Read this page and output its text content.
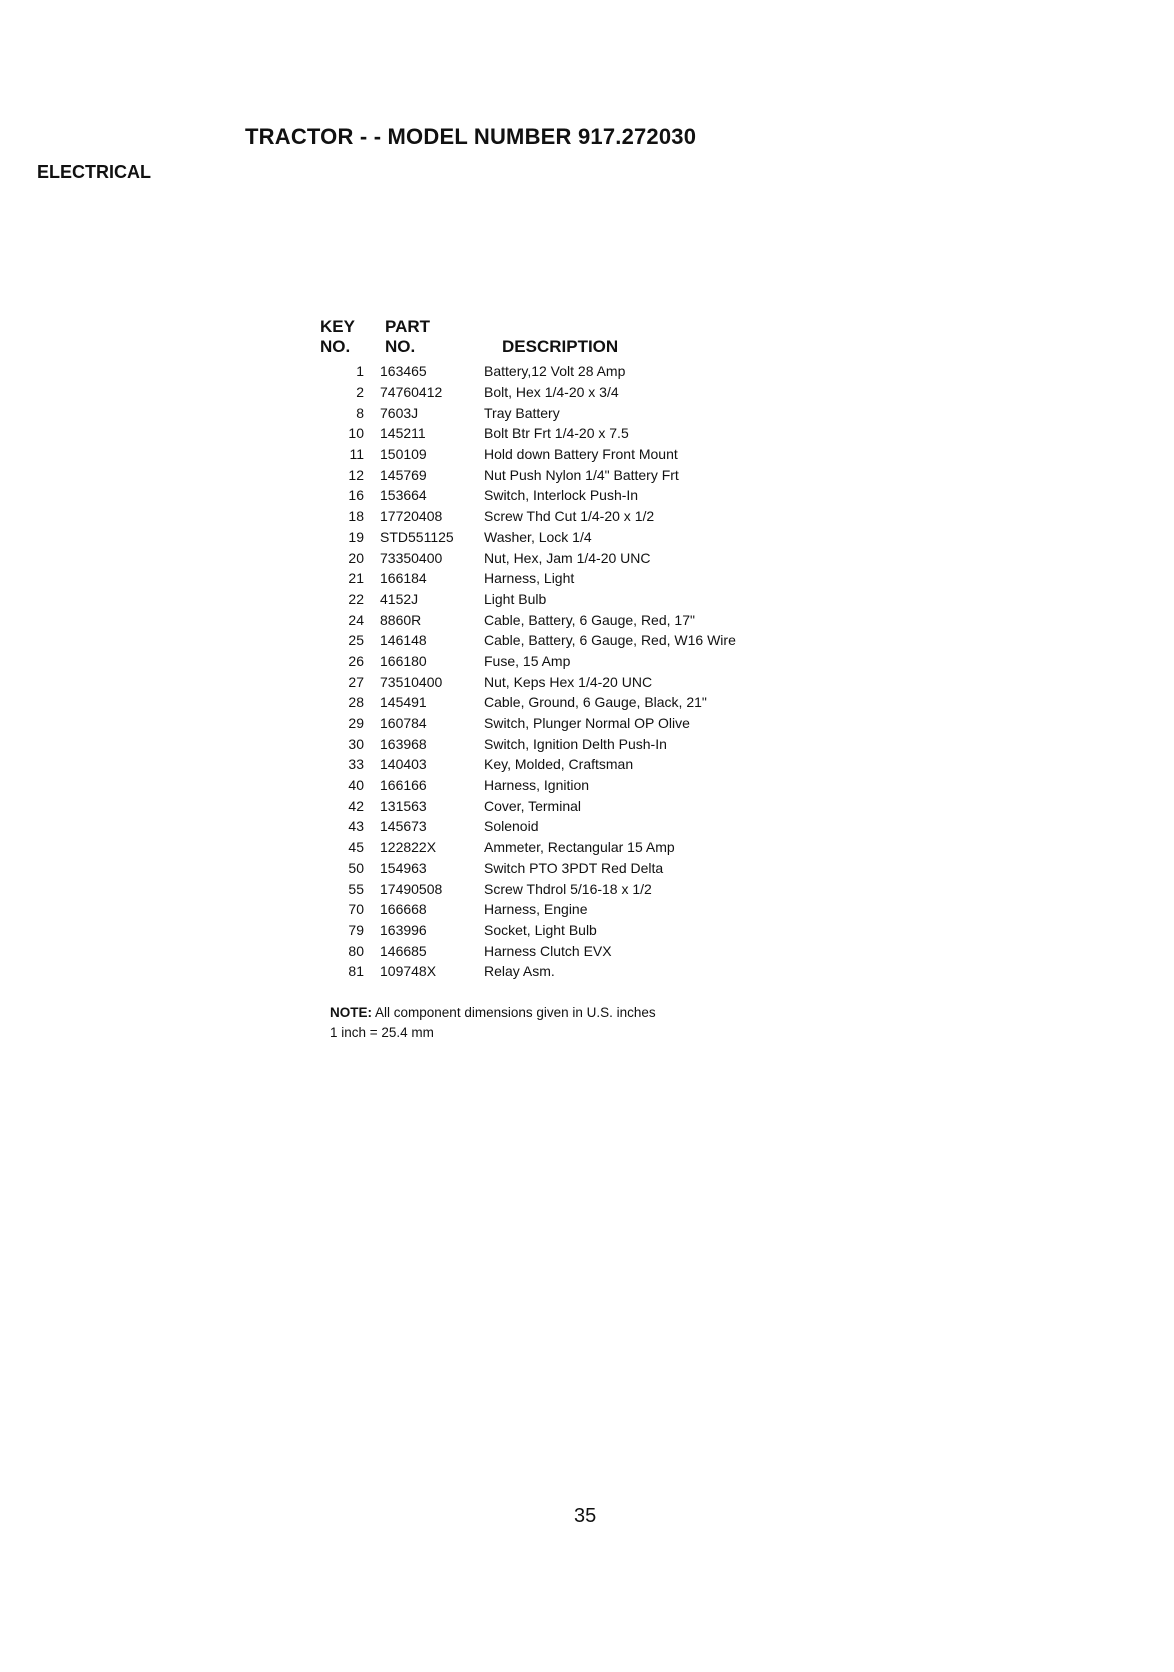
TRACTOR - - MODEL NUMBER 917.272030
ELECTRICAL
KEY PART
NO. NO.	DESCRIPTION
1	163465	Battery,12 Volt 28 Amp
2	74760412	Bolt, Hex 1/4-20 x 3/4
8	7603J	Tray Battery
10	145211	Bolt Btr Frt 1/4-20 x 7.5
11	150109	Hold down Battery Front Mount
12	145769	Nut Push Nylon 1/4" Battery Frt
16	153664	Switch, Interlock Push-In
18	17720408	Screw Thd Cut 1/4-20 x 1/2
19	STD551125	Washer, Lock 1/4
20	73350400	Nut, Hex, Jam 1/4-20 UNC
21	166184	Harness, Light
22	4152J	Light Bulb
24	8860R	Cable, Battery, 6 Gauge, Red, 17"
25	146148	Cable, Battery, 6 Gauge, Red, W16 Wire
26	166180	Fuse, 15 Amp
27	73510400	Nut, Keps Hex 1/4-20 UNC
28	145491	Cable, Ground, 6 Gauge, Black, 21"
29	160784	Switch, Plunger Normal OP Olive
30	163968	Switch, Ignition Delth Push-In
33	140403	Key, Molded, Craftsman
40	166166	Harness, Ignition
42	131563	Cover, Terminal
43	145673	Solenoid
45	122822X	Ammeter, Rectangular 15 Amp
50	154963	Switch PTO 3PDT Red Delta
55	17490508	Screw Thdrol 5/16-18 x 1/2
70	166668	Harness, Engine
79	163996	Socket, Light Bulb
80	146685	Harness Clutch EVX
81	109748X	Relay Asm.
NOTE: All component dimensions given in U.S. inches
1 inch = 25.4 mm
35
